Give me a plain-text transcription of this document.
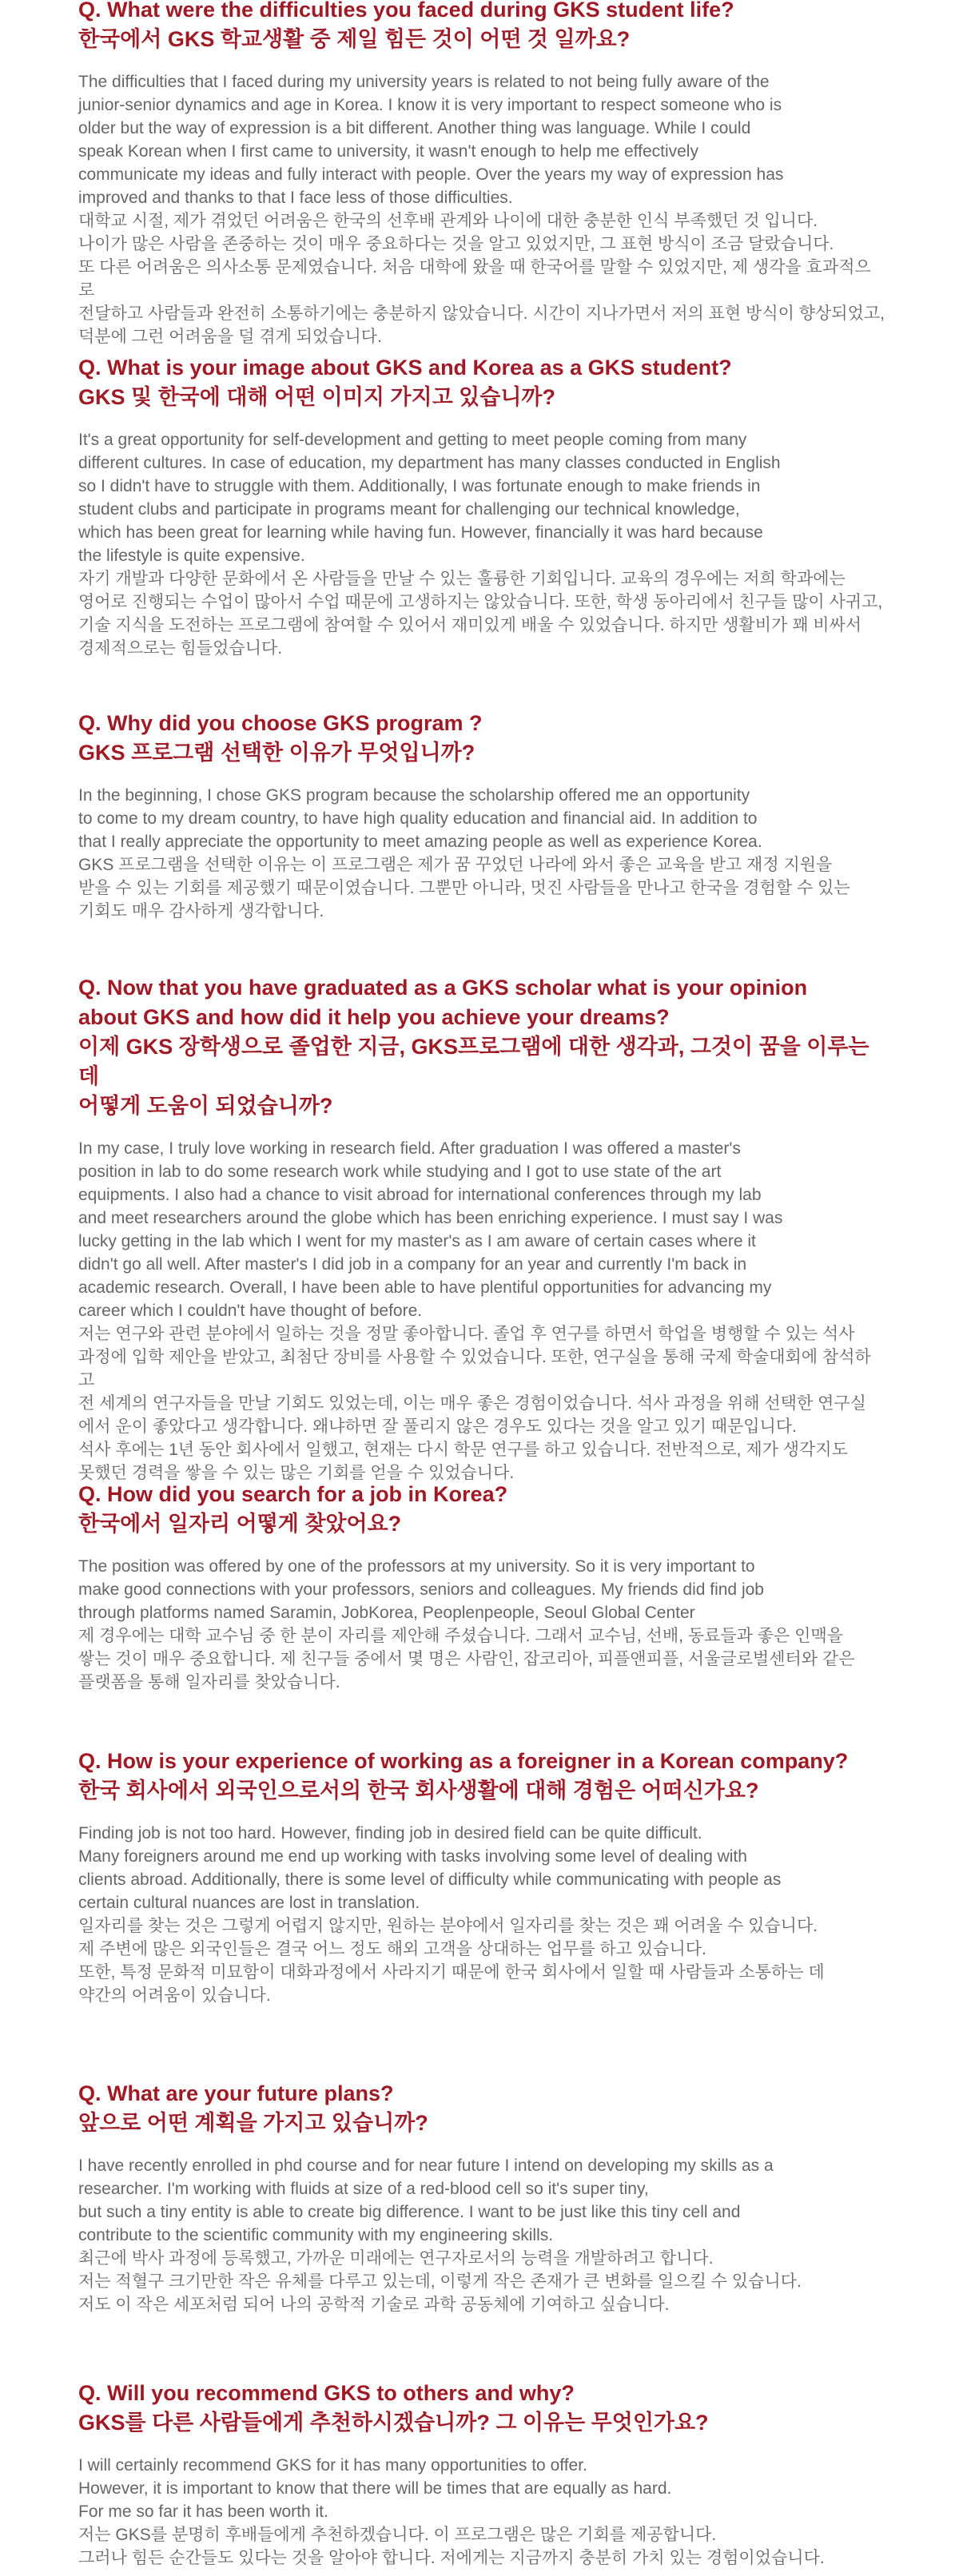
Q. What were the difficulties you faced during GKS student life?
한국에서 GKS 학교생활 중 제일 힘든 것이 어떤 것 일까요?

The difficulties that I faced during my university years is related to not being fully aware of the
junior-senior dynamics and age in Korea. I know it is very important to respect someone who is
older but the way of expression is a bit different. Another thing was language. While I could
speak Korean when I first came to university, it wasn't enough to help me effectively
communicate my ideas and fully interact with people. Over the years my way of expression has
improved and thanks to that I face less of those difficulties.
대학교 시절, 제가 겪었던 어려움은 한국의 선후배 관계와 나이에 대한 충분한 인식 부족했던 것 입니다.
나이가 많은 사람을 존중하는 것이 매우 중요하다는 것을 알고 있었지만, 그 표현 방식이 조금 달랐습니다.
또 다른 어려움은 의사소통 문제였습니다. 처음 대학에 왔을 때 한국어를 말할 수 있었지만, 제 생각을 효과적으로
전달하고 사람들과 완전히 소통하기에는 충분하지 않았습니다. 시간이 지나가면서 저의 표현 방식이 향상되었고,
덕분에 그런 어려움을 덜 겪게 되었습니다.

Q. What is your image about GKS and Korea as a GKS student?
GKS 및 한국에 대해 어떤 이미지 가지고 있습니까?

It's a great opportunity for self-development and getting to meet people coming from many
different cultures. In case of education, my department has many classes conducted in English
so I didn't have to struggle with them. Additionally, I was fortunate enough to make friends in
student clubs and participate in programs meant for challenging our technical knowledge,
which has been great for learning while having fun. However, financially it was hard because
the lifestyle is quite expensive.
자기 개발과 다양한 문화에서 온 사람들을 만날 수 있는 훌륭한 기회입니다. 교육의 경우에는 저희 학과에는
영어로 진행되는 수업이 많아서 수업 때문에 고생하지는 않았습니다. 또한, 학생 동아리에서 친구들 많이 사귀고,
기술 지식을 도전하는 프로그램에 참여할 수 있어서 재미있게 배울 수 있었습니다. 하지만 생활비가 꽤 비싸서
경제적으로는 힘들었습니다.

Q. Why did you choose GKS program ?
GKS 프로그램 선택한 이유가 무엇입니까?

In the beginning, I chose GKS program because the scholarship offered me an opportunity
to come to my dream country, to have high quality education and financial aid. In addition to
that I really appreciate the opportunity to meet amazing people as well as experience Korea.
GKS 프로그램을 선택한 이유는 이 프로그램은 제가 꿈 꾸었던 나라에 와서 좋은 교육을 받고 재정 지원을
받을 수 있는 기회를 제공했기 때문이였습니다. 그뿐만 아니라, 멋진 사람들을 만나고 한국을 경험할 수 있는
기회도 매우 감사하게 생각합니다.

Q. Now that you have graduated as a GKS scholar what is your opinion
about GKS and how did it help you achieve your dreams?
이제 GKS 장학생으로 졸업한 지금, GKS프로그램에 대한 생각과, 그것이 꿈을 이루는 데
어떻게 도움이 되었습니까?

In my case, I truly love working in research field. After graduation I was offered a master's
position in lab to do some research work while studying and I got to use state of the art
equipments. I also had a chance to visit abroad for international conferences through my lab
and meet researchers around the globe which has been enriching experience. I must say I was
lucky getting in the lab which I went for my master's as I am aware of certain cases where it
didn't go all well. After master's I did job in a company for an year and currently I'm back in
academic research. Overall, I have been able to have plentiful opportunities for advancing my
career which I couldn't have thought of before.
저는 연구와 관련 분야에서 일하는 것을 정말 좋아합니다. 졸업 후 연구를 하면서 학업을 병행할 수 있는 석사
과정에 입학 제안을 받았고, 최첨단 장비를 사용할 수 있었습니다. 또한, 연구실을 통해 국제 학술대회에 참석하고
전 세계의 연구자들을 만날 기회도 있었는데, 이는 매우 좋은 경험이었습니다. 석사 과정을 위해 선택한 연구실
에서 운이 좋았다고 생각합니다. 왜냐하면 잘 풀리지 않은 경우도 있다는 것을 알고 있기 때문입니다.
석사 후에는 1년 동안 회사에서 일했고, 현재는 다시 학문 연구를 하고 있습니다. 전반적으로, 제가 생각지도
못했던 경력을 쌓을 수 있는 많은 기회를 얻을 수 있었습니다.

Q. How did you search for a job in Korea?
한국에서 일자리 어떻게 찾았어요?

The position was offered by one of the professors at my university. So it is very important to
make good connections with your professors, seniors and colleagues. My friends did find job
through platforms named Saramin, JobKorea, Peoplenpeople, Seoul Global Center
제 경우에는 대학 교수님 중 한 분이 자리를 제안해 주셨습니다. 그래서 교수님, 선배, 동료들과 좋은 인맥을
쌓는 것이 매우 중요합니다. 제 친구들 중에서 몇 명은 사람인, 잡코리아, 피플앤피플, 서울글로벌센터와 같은
플랫폼을 통해 일자리를 찾았습니다.

Q. How is your experience of working as a foreigner in a Korean company?
한국 회사에서 외국인으로서의 한국 회사생활에 대해 경험은 어떠신가요?

Finding job is not too hard. However, finding job in desired field can be quite difficult.
Many foreigners around me end up working with tasks involving some level of dealing with
clients abroad. Additionally, there is some level of difficulty while communicating with people as
certain cultural nuances are lost in translation.
일자리를 찾는 것은 그렇게 어렵지 않지만, 원하는 분야에서 일자리를 찾는 것은 꽤 어려울 수 있습니다.
제 주변에 많은 외국인들은 결국 어느 정도 해외 고객을 상대하는 업무를 하고 있습니다.
또한, 특정 문화적 미묘함이 대화과정에서 사라지기 때문에 한국 회사에서 일할 때 사람들과 소통하는 데
약간의 어려움이 있습니다.

Q. What are your future plans?
앞으로 어떤 계획을 가지고 있습니까?

I have recently enrolled in phd course and for near future I intend on developing my skills as a
researcher. I'm working with fluids at size of a red-blood cell so it's super tiny,
but such a tiny entity is able to create big difference. I want to be just like this tiny cell and
contribute to the scientific community with my engineering skills.
최근에 박사 과정에 등록했고, 가까운 미래에는 연구자로서의 능력을 개발하려고 합니다.
저는 적혈구 크기만한 작은 유체를 다루고 있는데, 이렇게 작은 존재가 큰 변화를 일으킬 수 있습니다.
저도 이 작은 세포처럼 되어 나의 공학적 기술로 과학 공동체에 기여하고 싶습니다.

Q. Will you recommend GKS to others and why?
GKS를 다른 사람들에게 추천하시겠습니까? 그 이유는 무엇인가요?

I will certainly recommend GKS for it has many opportunities to offer.
However, it is important to know that there will be times that are equally as hard.
For me so far it has been worth it.
저는 GKS를 분명히 후배들에게 추천하겠습니다. 이 프로그램은 많은 기회를 제공합니다.
그러나 힘든 순간들도 있다는 것을 알아야 합니다. 저에게는 지금까지 충분히 가치 있는 경험이었습니다.
